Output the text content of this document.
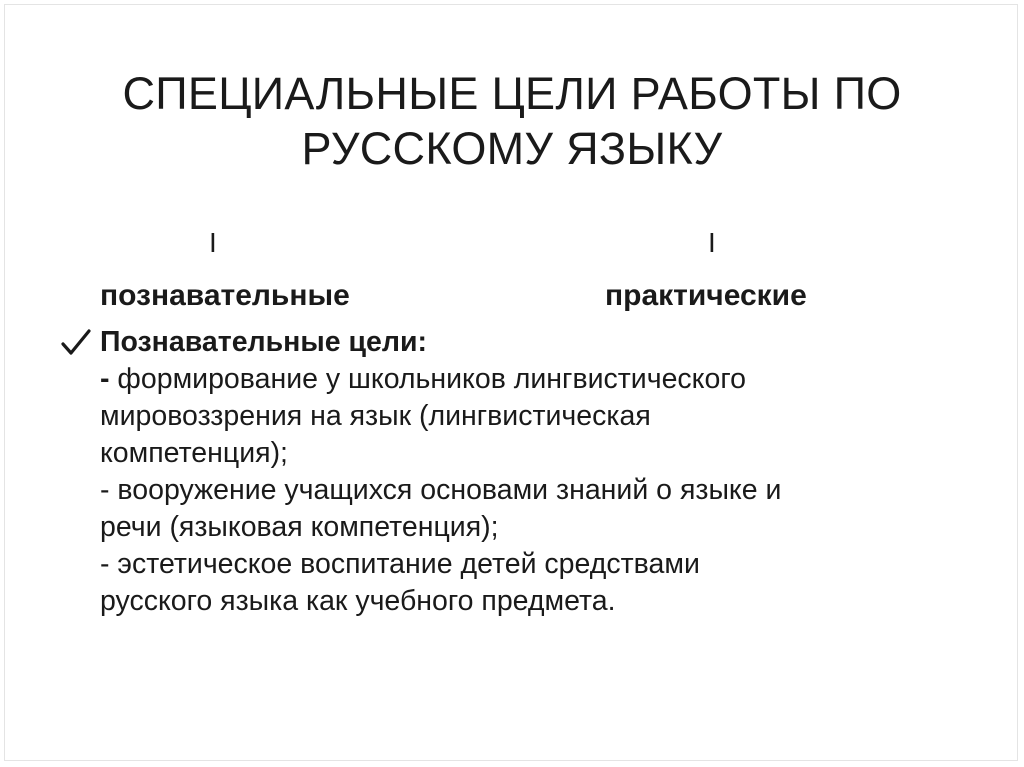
СПЕЦИАЛЬНЫЕ ЦЕЛИ РАБОТЫ ПО
РУССКОМУ ЯЗЫКУ
I	I
познавательные	практические
Познавательные цели:
- формирование у школьников лингвистического
мировоззрения на язык (лингвистическая
компетенция);
- вооружение учащихся основами знаний о языке и
речи (языковая компетенция);
- эстетическое воспитание детей средствами
русского языка как учебного предмета.
